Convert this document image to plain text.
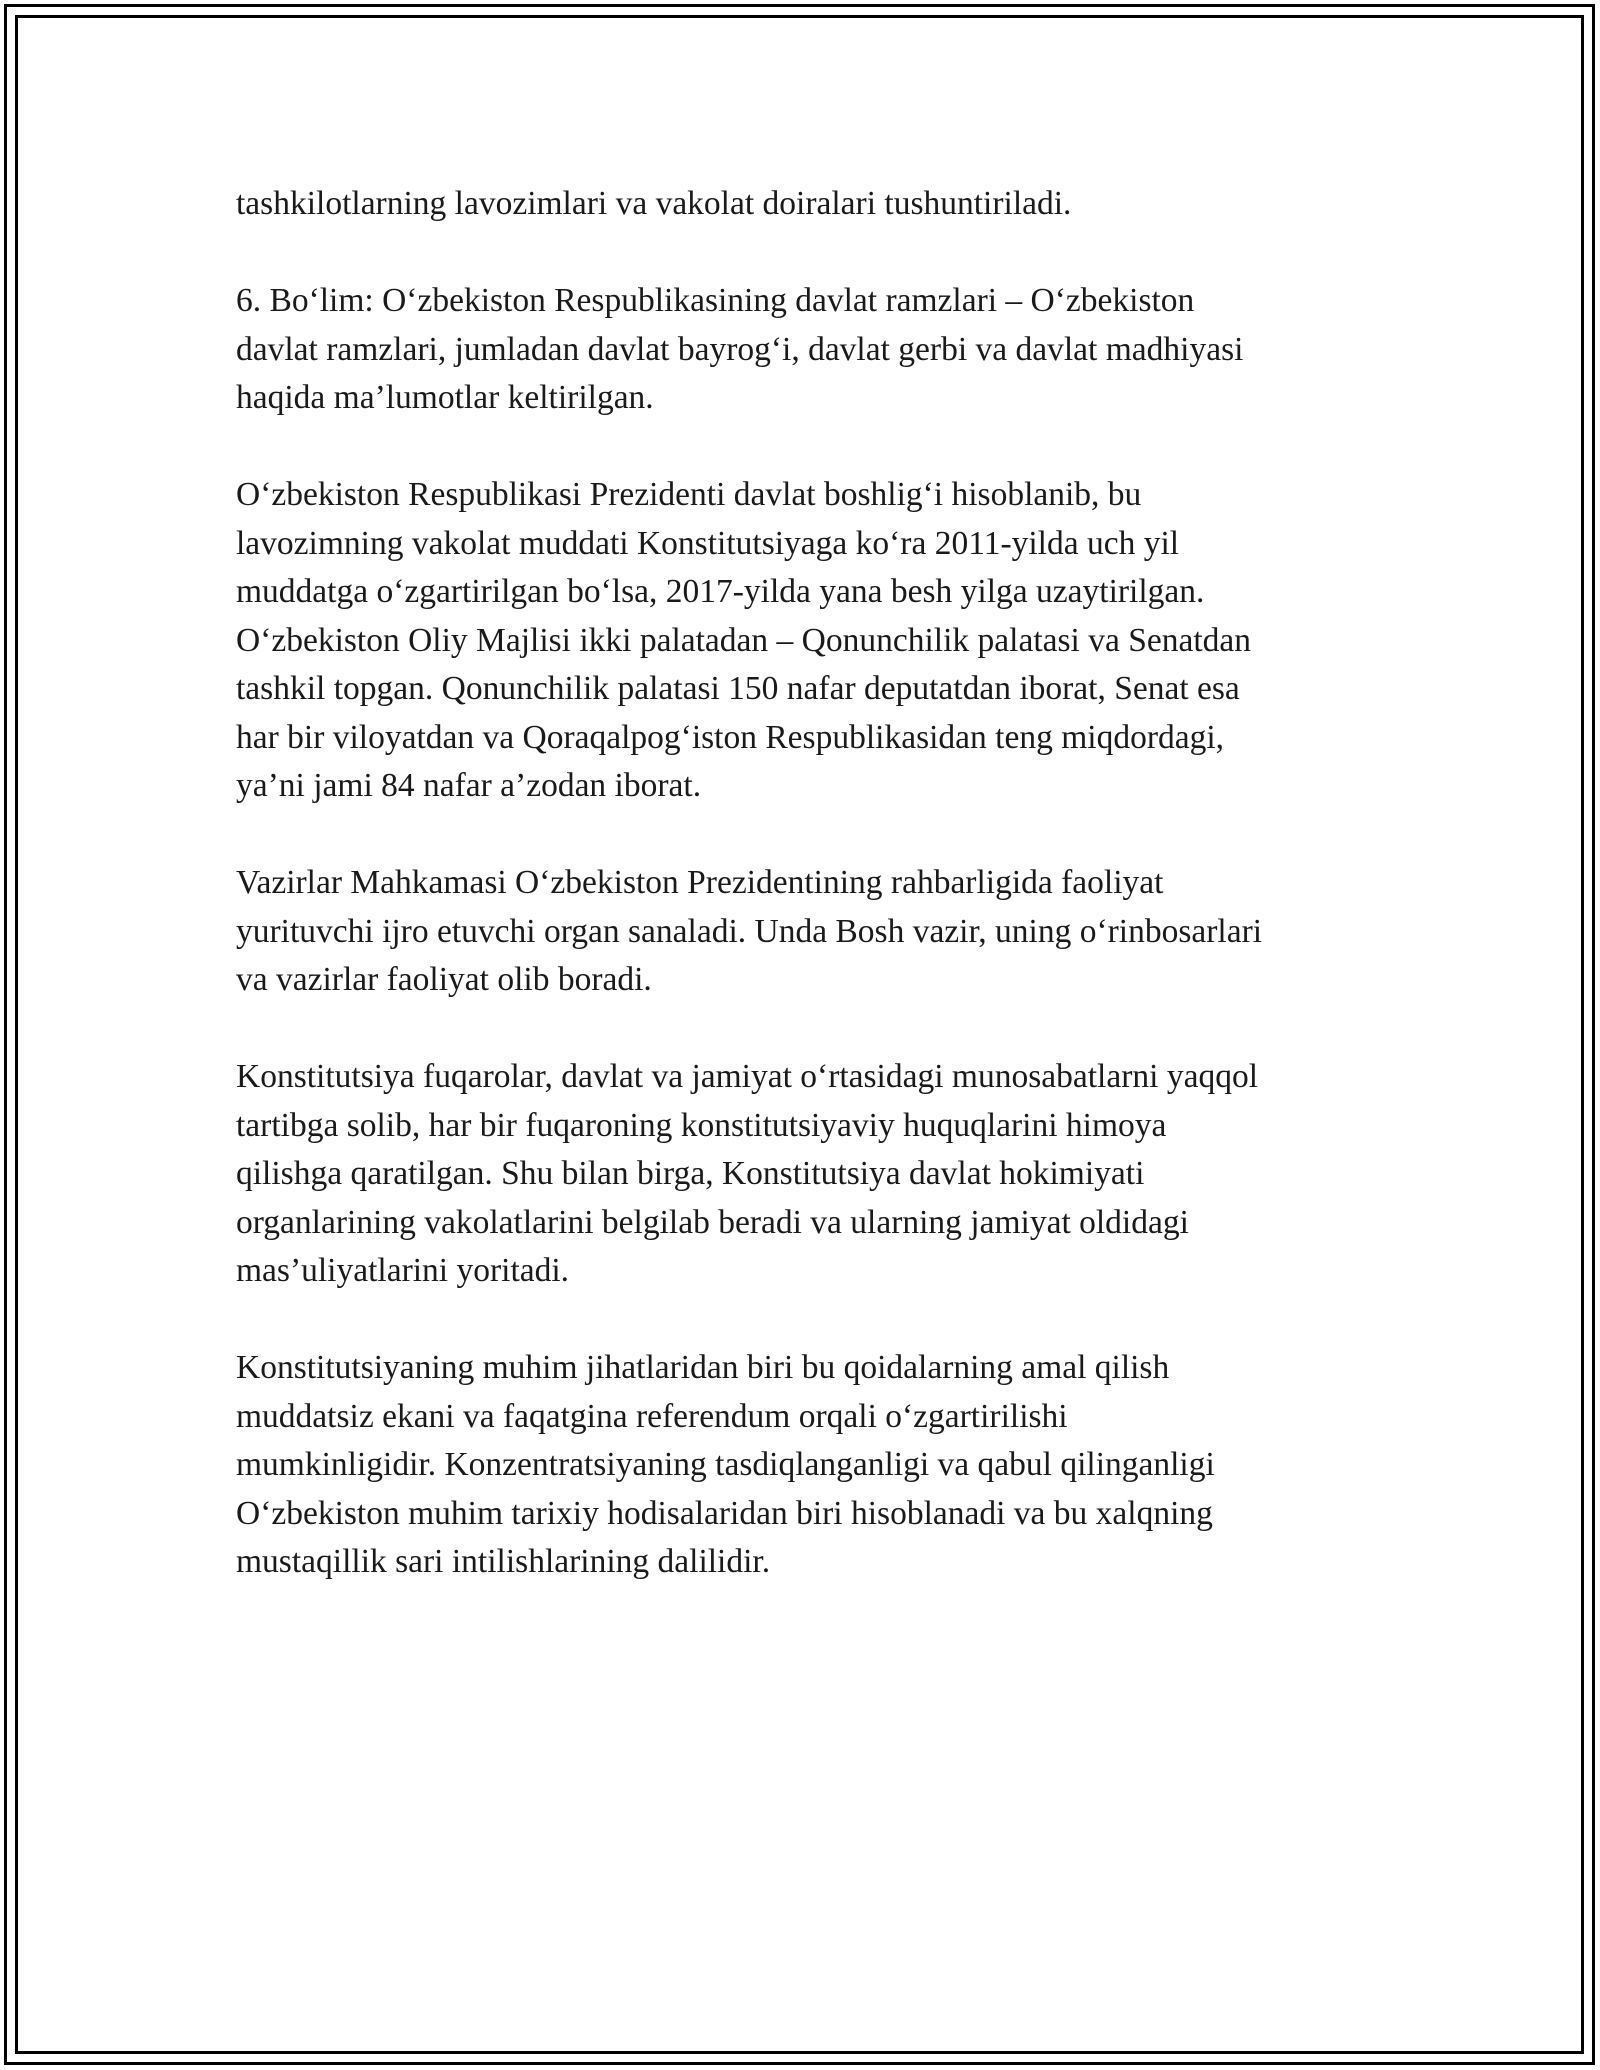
tashkilotlarning lavozimlari va vakolat doiralari tushuntiriladi.

6. Bo‘lim: O‘zbekiston Respublikasining davlat ramzlari – O‘zbekiston
davlat ramzlari, jumladan davlat bayrog‘i, davlat gerbi va davlat madhiyasi
haqida ma’lumotlar keltirilgan.

O‘zbekiston Respublikasi Prezidenti davlat boshlig‘i hisoblanib, bu
lavozimning vakolat muddati Konstitutsiyaga ko‘ra 2011-yilda uch yil
muddatga o‘zgartirilgan bo‘lsa, 2017-yilda yana besh yilga uzaytirilgan.
O‘zbekiston Oliy Majlisi ikki palatadan – Qonunchilik palatasi va Senatdan
tashkil topgan. Qonunchilik palatasi 150 nafar deputatdan iborat, Senat esa
har bir viloyatdan va Qoraqalpog‘iston Respublikasidan teng miqdordagi,
ya’ni jami 84 nafar a’zodan iborat.

Vazirlar Mahkamasi O‘zbekiston Prezidentining rahbarligida faoliyat
yurituvchi ijro etuvchi organ sanaladi. Unda Bosh vazir, uning o‘rinbosarlari
va vazirlar faoliyat olib boradi.

Konstitutsiya fuqarolar, davlat va jamiyat o‘rtasidagi munosabatlarni yaqqol
tartibga solib, har bir fuqaroning konstitutsiyaviy huquqlarini himoya
qilishga qaratilgan. Shu bilan birga, Konstitutsiya davlat hokimiyati
organlarining vakolatlarini belgilab beradi va ularning jamiyat oldidagi
mas’uliyatlarini yoritadi.

Konstitutsiyaning muhim jihatlaridan biri bu qoidalarning amal qilish
muddatsiz ekani va faqatgina referendum orqali o‘zgartirilishi
mumkinligidir. Konzentratsiyaning tasdiqlanganligi va qabul qilinganligi
O‘zbekiston muhim tarixiy hodisalaridan biri hisoblanadi va bu xalqning
mustaqillik sari intilishlarining dalilidir.
